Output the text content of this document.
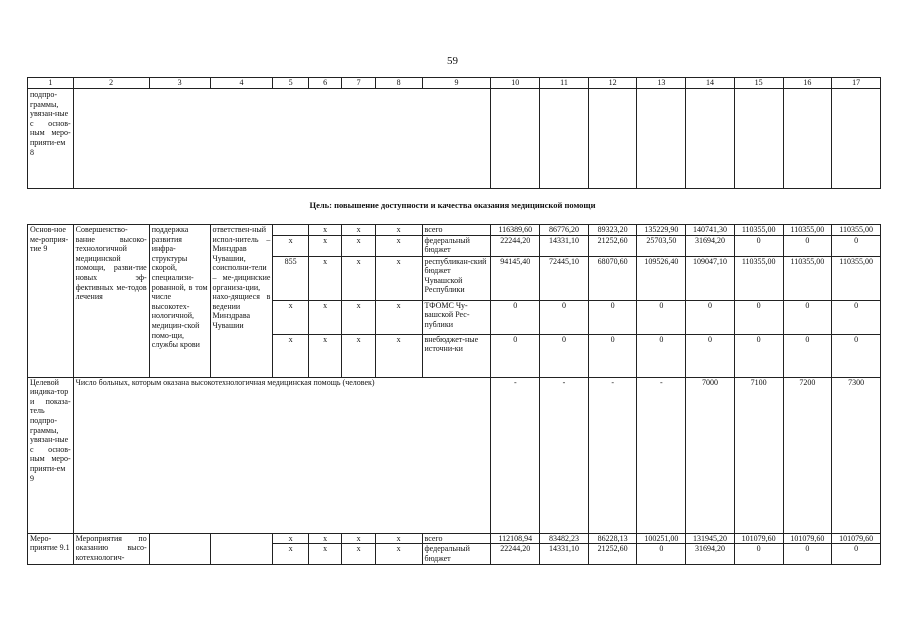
59
1	2	3	4	5	6	7	8	9	10	11	12	13	14	15	16	17
подпро-граммы, увязан-ные с основ-ным меро-прияти-ем 8																
Цель: повышение доступности и качества оказания медицинской помощи
Основ-ное ме-роприя-тие 9	Совершенство-вание высоко-технологичной медицинской помощи, разви-тие новых эф-фективных ме-тодов лечения	поддержка развития инфра-структуры скорой, специализи-рованной, в том числе высокотех-нологичной, медицин-ской помо-щи, службы крови	ответствен-ный испол-нитель – Минздрав Чувашии, соисполни-тели – ме-дицинские организа-ции, нахо-дящиеся в ведении Минздрава Чувашии		x	x	x	всего	116389,60	86776,20	89323,20	135229,90	140741,30	110355,00	110355,00	110355,00
				x	x	x	x	федеральный бюджет	22244,20	14331,10	21252,60	25703,50	31694,20	0	0	0
				855	x	x	x	республикан-ский бюджет Чувашской Республики	94145,40	72445,10	68070,60	109526,40	109047,10	110355,00	110355,00	110355,00
				x	x	x	x	ТФОМС Чу-вашской Рес-публики	0	0	0	0	0	0	0	0
				x	x	x	x	внебюджет-ные источни-ки	0	0	0	0	0	0	0	0
Целевой индика-тор и показа-тель подпро-граммы, увязан-ные с основ-ным меро-прияти-ем 9	Число больных, которым оказана высокотехнологичная медицинская помощь (человек)								-	-	-	-	7000	7100	7200	7300
Меро-приятие 9.1	Мероприятия по оказанию высо-котехнологич-			x	x	x	x	всего	112108,94	83482,23	86228,13	100251,00	131945,20	101079,60	101079,60	101079,60
				x	x	x	x	федеральный бюджет	22244,20	14331,10	21252,60	0	31694,20	0	0	0
